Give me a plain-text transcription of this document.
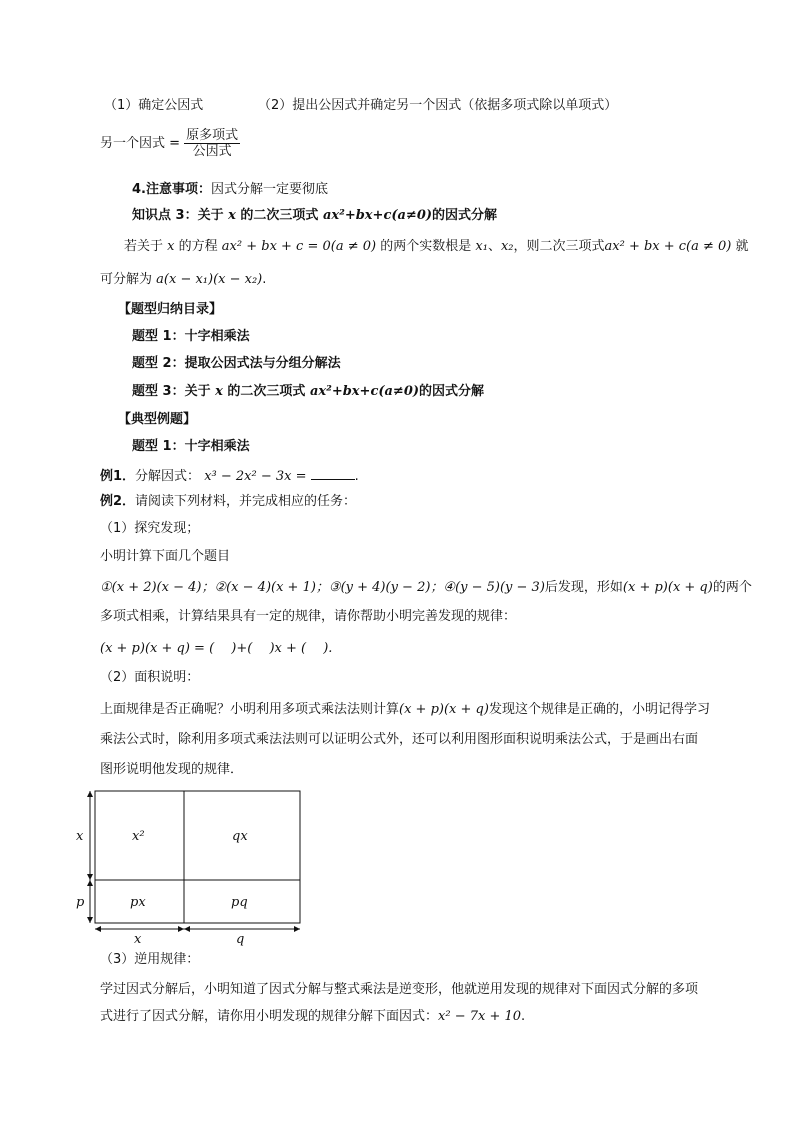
（1）确定公因式	（2）提出公因式并确定另一个因式（依据多项式除以单项式）
另一个因式 = $\frac{\text{原多项式}}{\text{公因式}}$
4.注意事项：因式分解一定要彻底
知识点 3：关于 x 的二次三项式 ax²+bx+c(a≠0)的因式分解
若关于 x 的方程 ax² + bx + c = 0(a ≠ 0) 的两个实数根是 x₁、x₂，则二次三项式ax² + bx + c(a ≠ 0) 就
可分解为 a(x − x₁)(x − x₂).
【题型归纳目录】
题型 1：十字相乘法
题型 2：提取公因式法与分组分解法
题型 3：关于 x 的二次三项式 ax²+bx+c(a≠0)的因式分解
【典型例题】
题型 1：十字相乘法
例1．分解因式： x³ − 2x² − 3x =	.
例2．请阅读下列材料，并完成相应的任务：
（1）探究发现；
小明计算下面几个题目
①(x + 2)(x − 4)；②(x − 4)(x + 1)；③(y + 4)(y − 2)；④(y − 5)(y − 3)后发现，形如(x + p)(x + q)的两个
多项式相乘，计算结果具有一定的规律，请你帮助小明完善发现的规律：
(x + p)(x + q) = (　 )+(　 )x + (　 ).
（2）面积说明：
上面规律是否正确呢？小明利用多项式乘法法则计算(x + p)(x + q)发现这个规律是正确的，小明记得学习
乘法公式时，除利用多项式乘法法则可以证明公式外，还可以利用图形面积说明乘法公式，于是画出右面
图形说明他发现的规律．
x²	qx
px	pq
x
p
x	q
（3）逆用规律：
学过因式分解后，小明知道了因式分解与整式乘法是逆变形，他就逆用发现的规律对下面因式分解的多项
式进行了因式分解，请你用小明发现的规律分解下面因式：x² − 7x + 10.
